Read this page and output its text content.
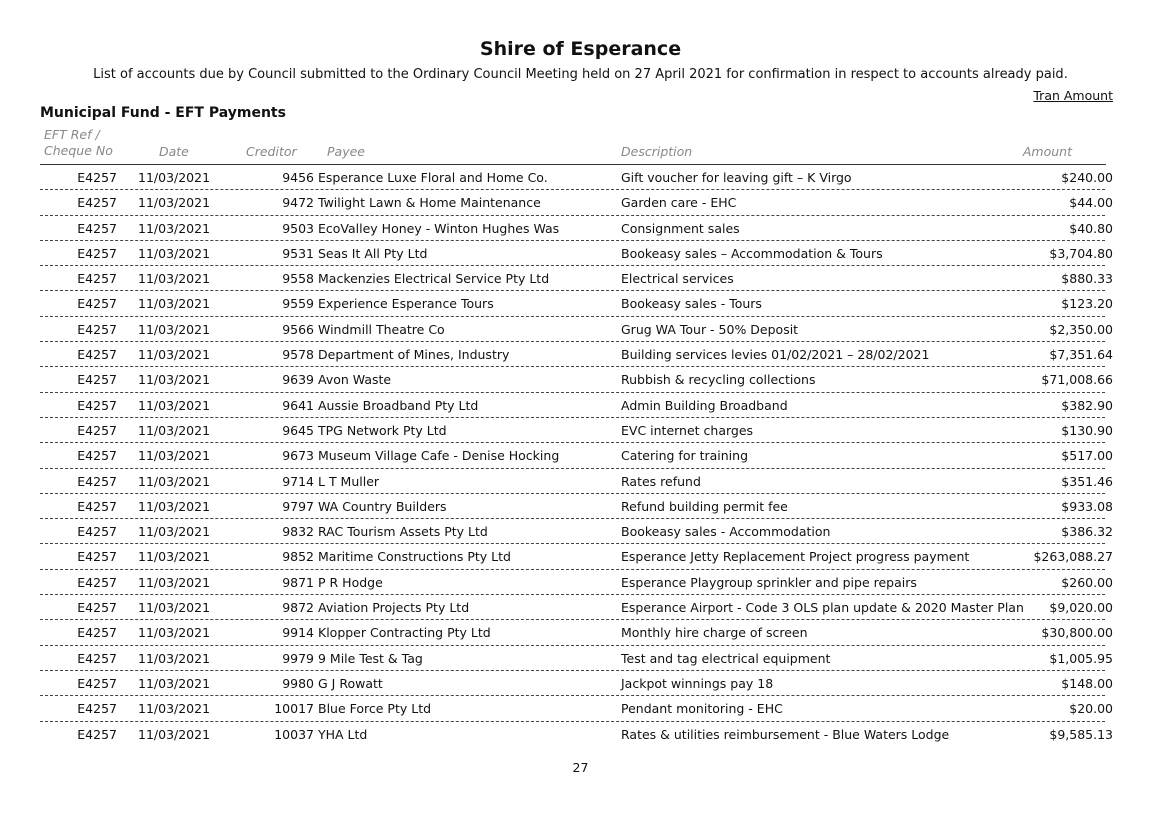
Shire of Esperance
List of accounts due by Council submitted to the Ordinary Council Meeting held on 27 April 2021 for confirmation in respect to accounts already paid.
Tran Amount
Municipal Fund - EFT Payments
EFT Ref /
Cheque No	Date	Creditor Payee	Description	Amount
E4257 11/03/2021	9456 Esperance Luxe Floral and Home Co.	Gift voucher for leaving gift – K Virgo	$240.00
E4257 11/03/2021	9472 Twilight Lawn & Home Maintenance	Garden care - EHC	$44.00
E4257 11/03/2021	9503 EcoValley Honey - Winton Hughes Was	Consignment sales	$40.80
E4257 11/03/2021	9531 Seas It All Pty Ltd	Bookeasy sales – Accommodation & Tours	$3,704.80
E4257 11/03/2021	9558 Mackenzies Electrical Service Pty Ltd	Electrical services	$880.33
E4257 11/03/2021	9559 Experience Esperance Tours	Bookeasy sales - Tours	$123.20
E4257 11/03/2021	9566 Windmill Theatre Co	Grug WA Tour - 50% Deposit	$2,350.00
E4257 11/03/2021	9578 Department of Mines, Industry	Building services levies 01/02/2021 – 28/02/2021	$7,351.64
E4257 11/03/2021	9639 Avon Waste	Rubbish & recycling collections	$71,008.66
E4257 11/03/2021	9641 Aussie Broadband Pty Ltd	Admin Building Broadband	$382.90
E4257 11/03/2021	9645 TPG Network Pty Ltd	EVC internet charges	$130.90
E4257 11/03/2021	9673 Museum Village Cafe - Denise Hocking	Catering for training	$517.00
E4257 11/03/2021	9714 L T Muller	Rates refund	$351.46
E4257 11/03/2021	9797 WA Country Builders	Refund building permit fee	$933.08
E4257 11/03/2021	9832 RAC Tourism Assets Pty Ltd	Bookeasy sales - Accommodation	$386.32
E4257 11/03/2021	9852 Maritime Constructions Pty Ltd	Esperance Jetty Replacement Project progress payment	$263,088.27
E4257 11/03/2021	9871 P R Hodge	Esperance Playgroup sprinkler and pipe repairs	$260.00
E4257 11/03/2021	9872 Aviation Projects Pty Ltd	Esperance Airport - Code 3 OLS plan update & 2020 Master Plan $9,020.00
E4257 11/03/2021	9914 Klopper Contracting Pty Ltd	Monthly hire charge of screen	$30,800.00
E4257 11/03/2021	9979 9 Mile Test & Tag	Test and tag electrical equipment	$1,005.95
E4257 11/03/2021	9980 G J Rowatt	Jackpot winnings pay 18	$148.00
E4257 11/03/2021	10017 Blue Force Pty Ltd	Pendant monitoring - EHC	$20.00
E4257 11/03/2021	10037 YHA Ltd	Rates & utilities reimbursement - Blue Waters Lodge	$9,585.13
27
